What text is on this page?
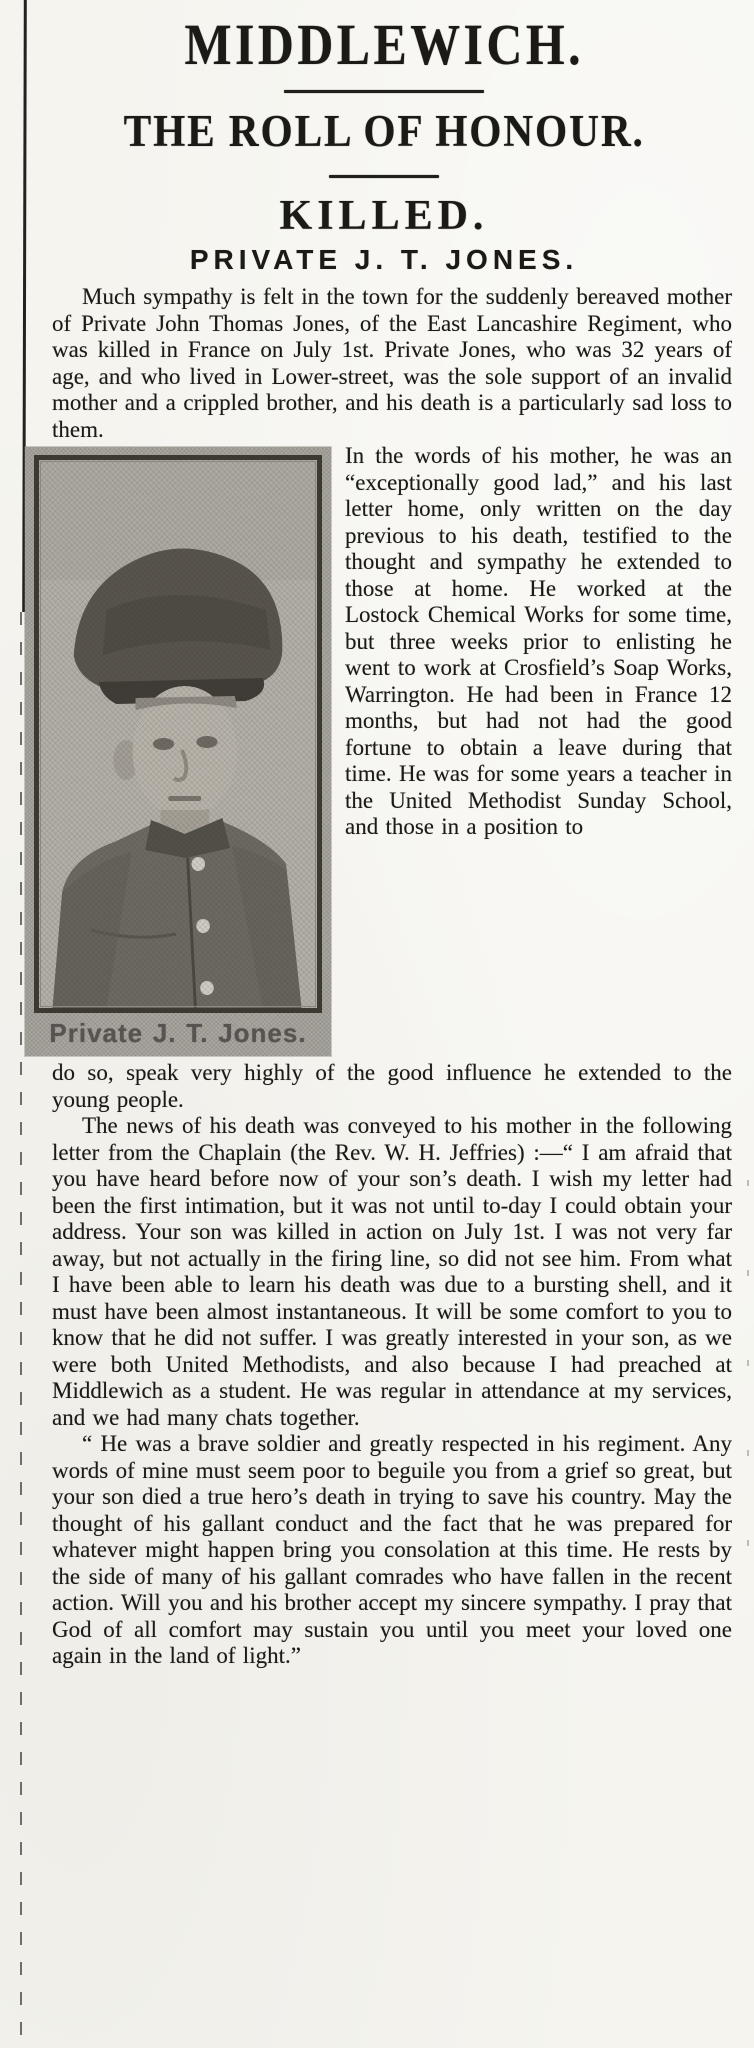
MIDDLEWICH.
THE ROLL OF HONOUR.
KILLED.
PRIVATE J. T. JONES.

Much sympathy is felt in the town for the suddenly bereaved mother of Private John Thomas Jones, of the East Lancashire Regiment, who was killed in France on July 1st. Private Jones, who was 32 years of age, and who lived in Lower-street, was the sole support of an invalid mother and a crippled brother, and his death is a particularly sad loss to them.

Private J. T. Jones.

In the words of his mother, he was an “exceptionally good lad,” and his last letter home, only written on the day previous to his death, testified to the thought and sympathy he extended to those at home. He worked at the Lostock Chemical Works for some time, but three weeks prior to enlisting he went to work at Crosfield’s Soap Works, Warrington. He had been in France 12 months, but had not had the good fortune to obtain a leave during that time. He was for some years a teacher in the United Methodist Sunday School, and those in a position to

do so, speak very highly of the good influence he extended to the young people.

The news of his death was conveyed to his mother in the following letter from the Chaplain (the Rev. W. H. Jeffries) :—“ I am afraid that you have heard before now of your son’s death. I wish my letter had been the first intimation, but it was not until to-day I could obtain your address. Your son was killed in action on July 1st. I was not very far away, but not actually in the firing line, so did not see him. From what I have been able to learn his death was due to a bursting shell, and it must have been almost instantaneous. It will be some comfort to you to know that he did not suffer. I was greatly interested in your son, as we were both United Methodists, and also because I had preached at Middlewich as a student. He was regular in attendance at my services, and we had many chats together.

“ He was a brave soldier and greatly respected in his regiment. Any words of mine must seem poor to beguile you from a grief so great, but your son died a true hero’s death in trying to save his country. May the thought of his gallant conduct and the fact that he was prepared for whatever might happen bring you consolation at this time. He rests by the side of many of his gallant comrades who have fallen in the recent action. Will you and his brother accept my sincere sympathy. I pray that God of all comfort may sustain you until you meet your loved one again in the land of light.”
